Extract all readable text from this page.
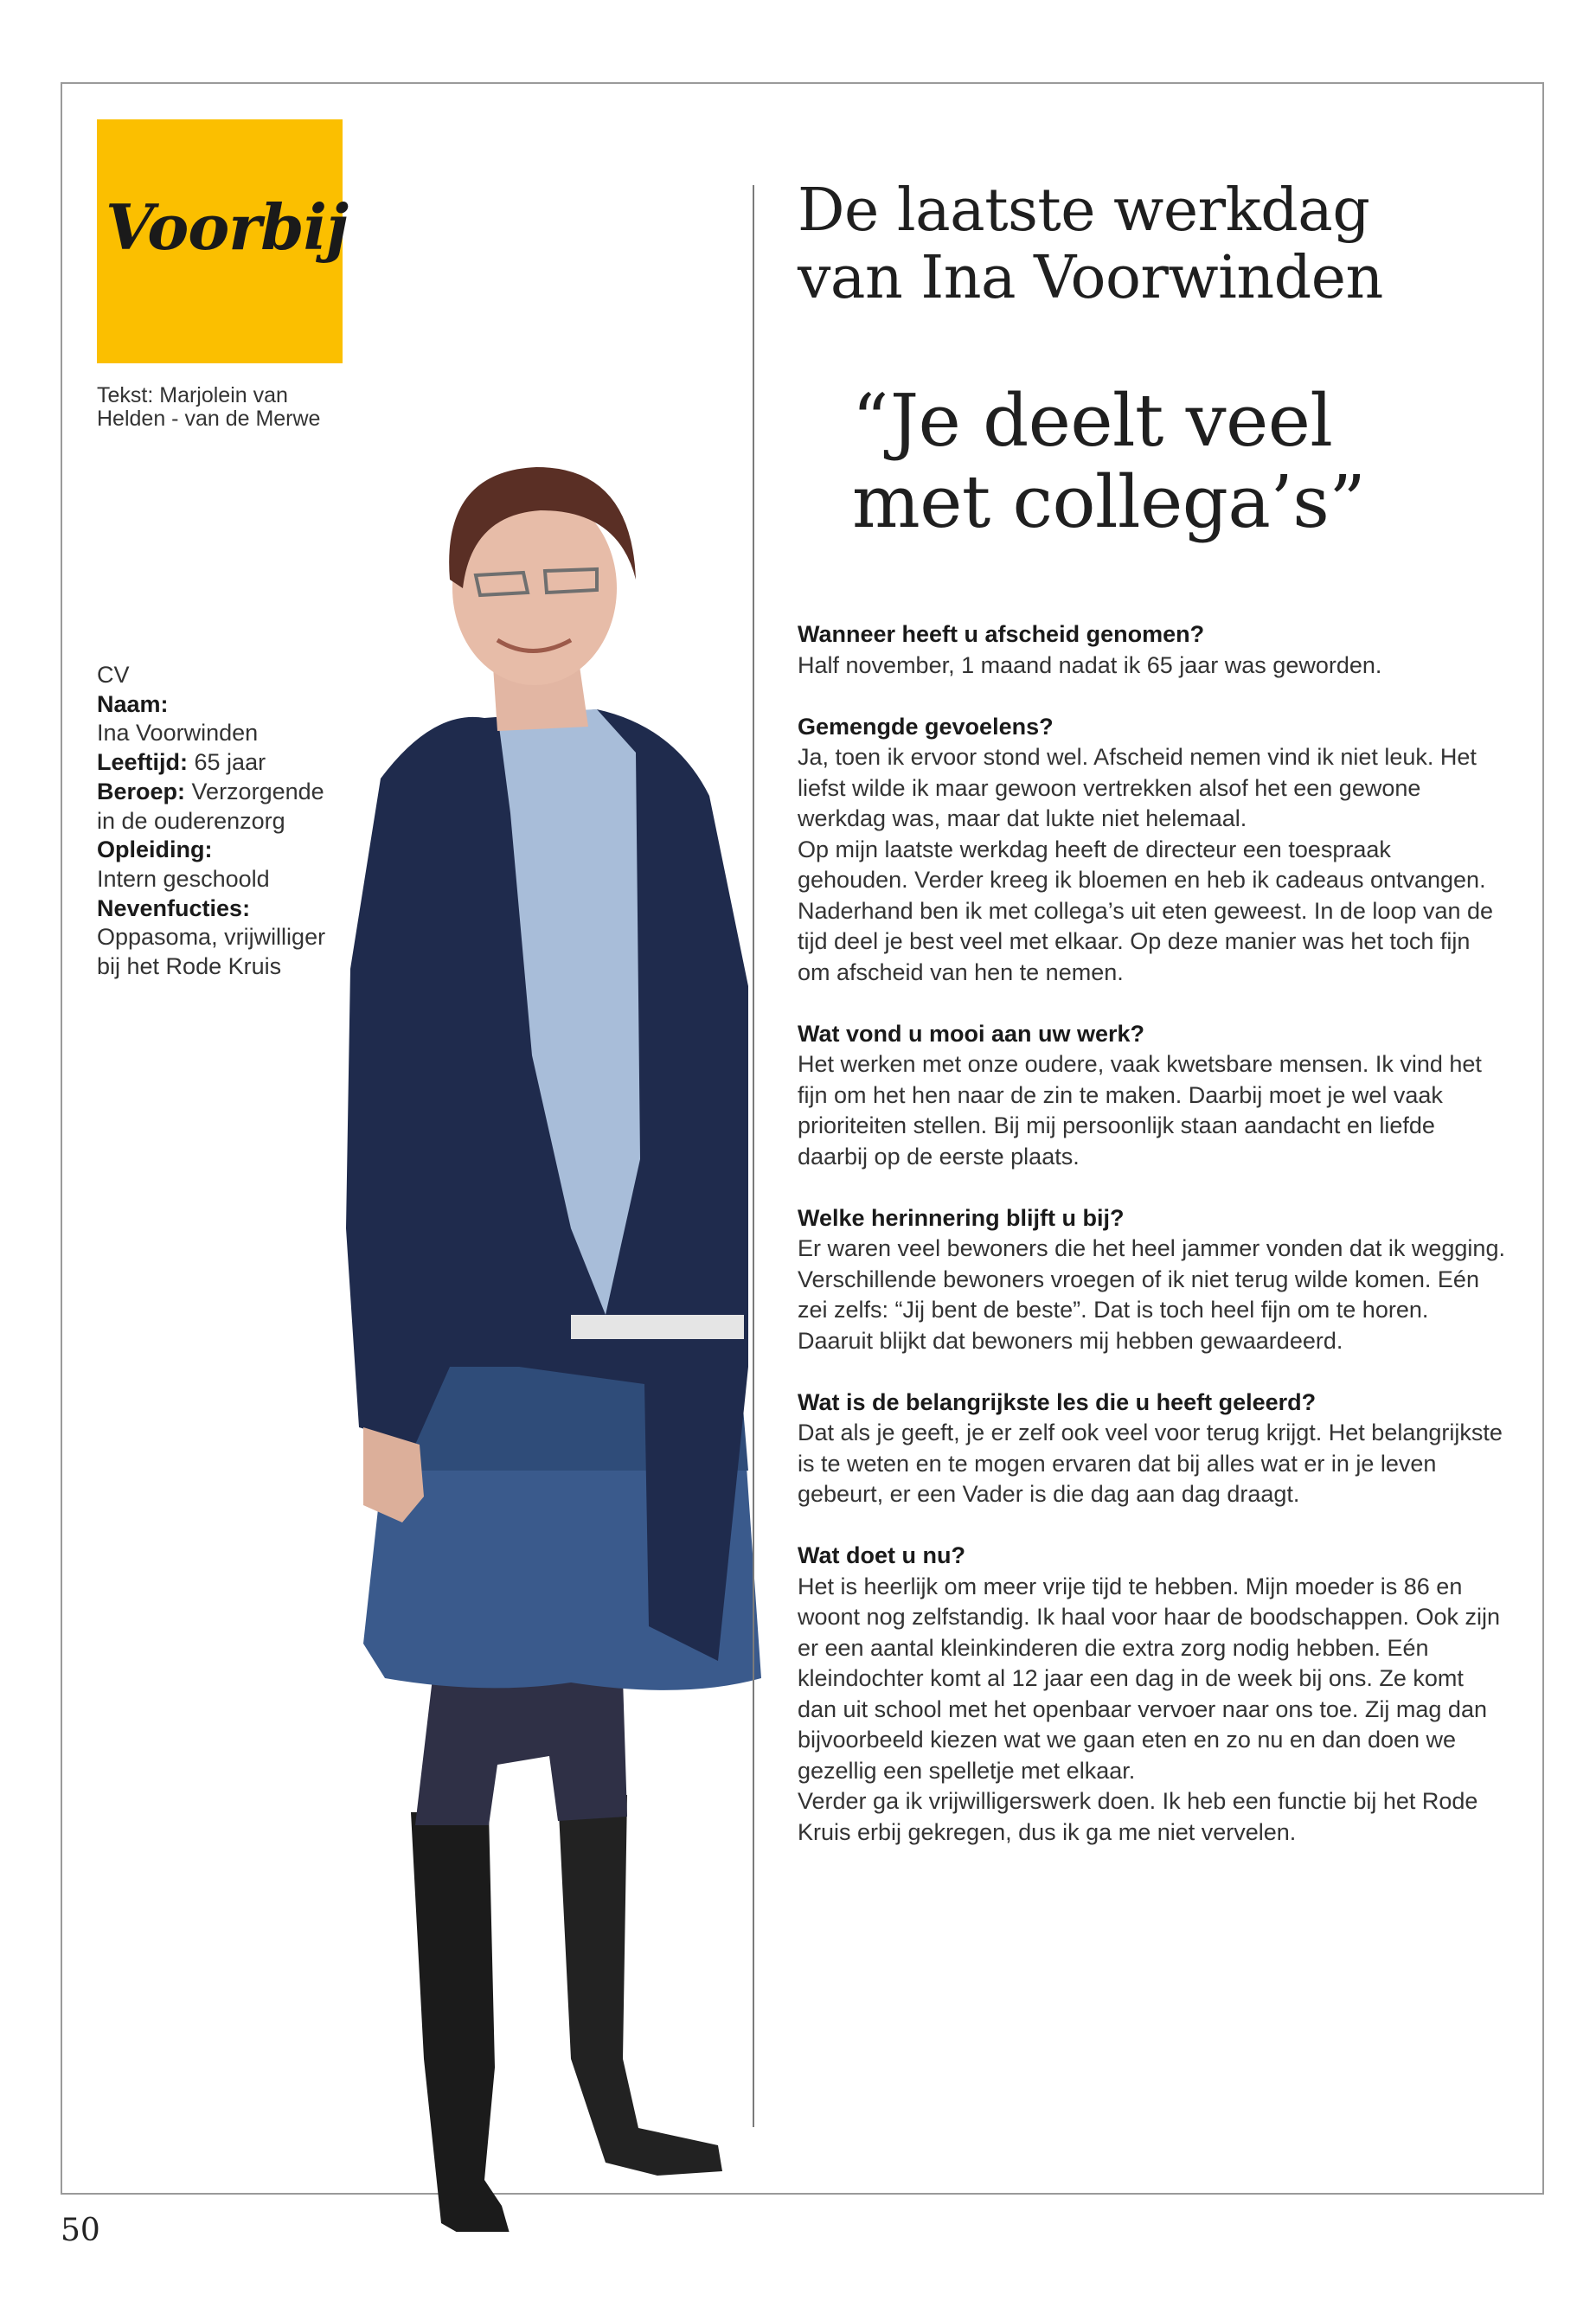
Voorbij
Tekst: Marjolein van Helden - van de Merwe
CV
Naam:
Ina Voorwinden
Leeftijd: 65 jaar
Beroep: Verzorgende in de ouderenzorg
Opleiding:
Intern geschoold
Nevenfucties:
Oppasoma, vrijwilliger bij het Rode Kruis
De laatste werkdag
van Ina Voorwinden
“Je deelt veel
met collega’s”
Wanneer heeft u afscheid genomen?

Half november, 1 maand nadat ik 65 jaar was geworden.

Gemengde gevoelens?

Ja, toen ik ervoor stond wel. Afscheid nemen vind ik niet leuk. Het liefst wilde ik maar gewoon vertrekken alsof het een gewone werkdag was, maar dat lukte niet helemaal.

Op mijn laatste werkdag heeft de directeur een toespraak gehouden. Verder kreeg ik bloemen en heb ik cadeaus ontvangen. Naderhand ben ik met collega’s uit eten geweest. In de loop van de tijd deel je best veel met elkaar. Op deze manier was het toch fijn om afscheid van hen te nemen.

Wat vond u mooi aan uw werk?

Het werken met onze oudere, vaak kwetsbare mensen. Ik vind het fijn om het hen naar de zin te maken. Daarbij moet je wel vaak prioriteiten stellen. Bij mij persoonlijk staan aandacht en liefde daarbij op de eerste plaats.

Welke herinnering blijft u bij?

Er waren veel bewoners die het heel jammer vonden dat ik wegging. Verschillende bewoners vroegen of ik niet terug wilde komen. Eén zei zelfs: “Jij bent de beste”. Dat is toch heel fijn om te horen. Daaruit blijkt dat bewoners mij hebben gewaardeerd.

Wat is de belangrijkste les die u heeft geleerd?

Dat als je geeft, je er zelf ook veel voor terug krijgt. Het belangrijkste is te weten en te mogen ervaren dat bij alles wat er in je leven gebeurt, er een Vader is die dag aan dag draagt.

Wat doet u nu?

Het is heerlijk om meer vrije tijd te hebben. Mijn moeder is 86 en woont nog zelfstandig. Ik haal voor haar de boodschappen. Ook zijn er een aantal kleinkinderen die extra zorg nodig hebben. Eén kleindochter komt al 12 jaar een dag in de week bij ons. Ze komt dan uit school met het openbaar vervoer naar ons toe. Zij mag dan bijvoorbeeld kiezen wat we gaan eten en zo nu en dan doen we gezellig een spelletje met elkaar.

Verder ga ik vrijwilligerswerk doen. Ik heb een functie bij het Rode Kruis erbij gekregen, dus ik ga me niet vervelen.

50
